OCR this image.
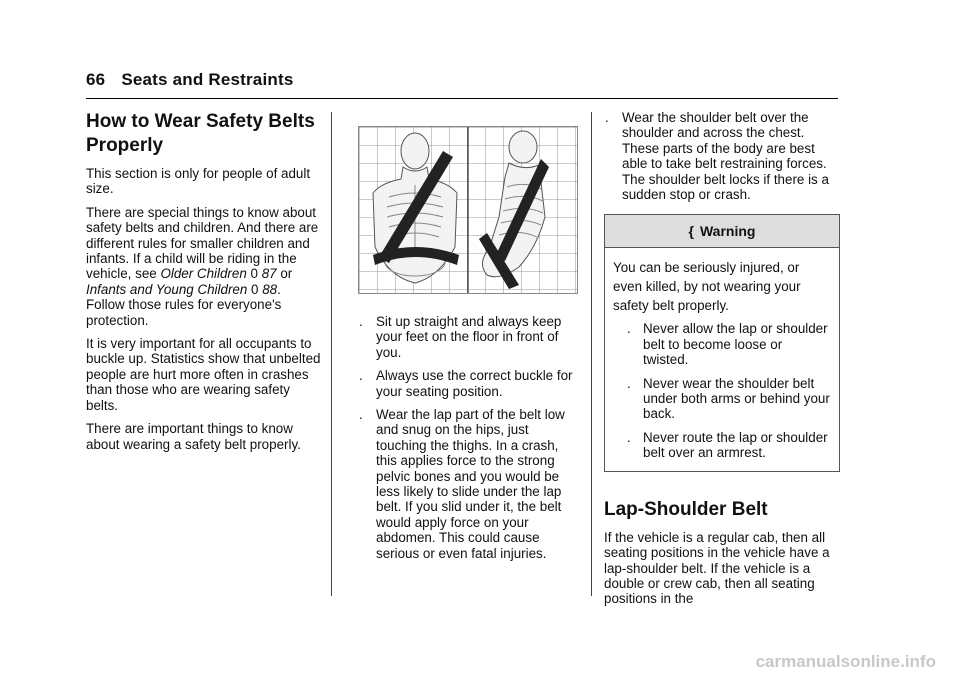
66 Seats and Restraints
How to Wear Safety Belts Properly

This section is only for people of adult size.

There are special things to know about safety belts and children. And there are different rules for smaller children and infants. If a child will be riding in the vehicle, see Older Children 0 87 or Infants and Young Children 0 88. Follow those rules for everyone's protection.

It is very important for all occupants to buckle up. Statistics show that unbelted people are hurt more often in crashes than those who are wearing safety belts.

There are important things to know about wearing a safety belt properly.

. Sit up straight and always keep your feet on the floor in front of you.
. Always use the correct buckle for your seating position.
. Wear the lap part of the belt low and snug on the hips, just touching the thighs. In a crash, this applies force to the strong pelvic bones and you would be less likely to slide under the lap belt. If you slid under it, the belt would apply force on your abdomen. This could cause serious or even fatal injuries.
. Wear the shoulder belt over the shoulder and across the chest. These parts of the body are best able to take belt restraining forces. The shoulder belt locks if there is a sudden stop or crash.
{ Warning

You can be seriously injured, or even killed, by not wearing your safety belt properly.

. Never allow the lap or shoulder belt to become loose or twisted.
. Never wear the shoulder belt under both arms or behind your back.
. Never route the lap or shoulder belt over an armrest.
Lap-Shoulder Belt

If the vehicle is a regular cab, then all seating positions in the vehicle have a lap-shoulder belt. If the vehicle is a double or crew cab, then all seating positions in the

carmanualsonline.info
